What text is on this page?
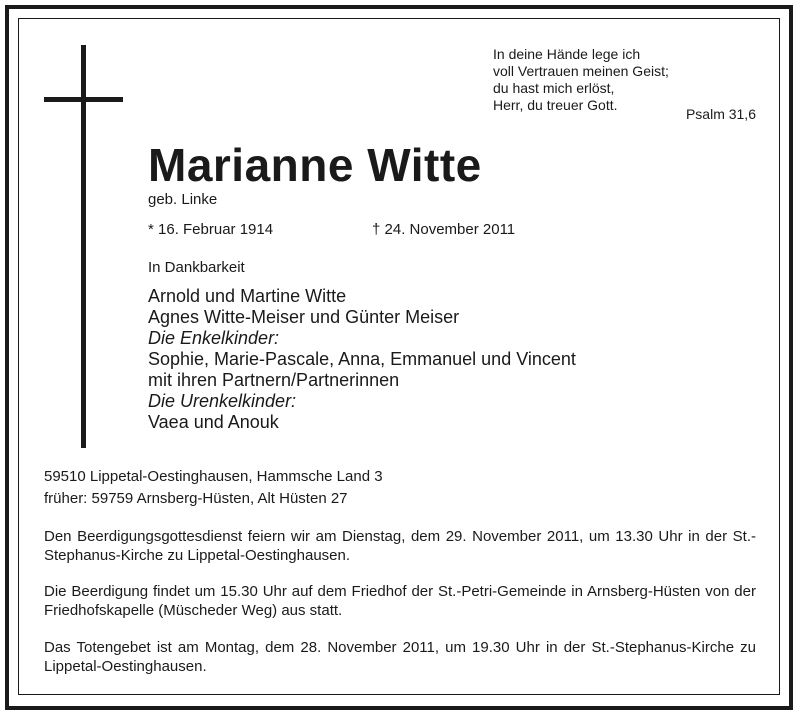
In deine Hände lege ich
voll Vertrauen meinen Geist;
du hast mich erlöst,
Herr, du treuer Gott.
Psalm 31,6
Marianne Witte
geb. Linke
* 16. Februar 1914	† 24. November 2011
In Dankbarkeit
Arnold und Martine Witte
Agnes Witte-Meiser und Günter Meiser
Die Enkelkinder:
Sophie, Marie-Pascale, Anna, Emmanuel und Vincent
mit ihren Partnern/Partnerinnen
Die Urenkelkinder:
Vaea und Anouk
59510 Lippetal-Oestinghausen, Hammsche Land 3
früher: 59759 Arnsberg-Hüsten, Alt Hüsten 27
Den Beerdigungsgottesdienst feiern wir am Dienstag, dem 29. November 2011, um 13.30 Uhr in der St.-Stephanus-Kirche zu Lippetal-Oestinghausen.
Die Beerdigung findet um 15.30 Uhr auf dem Friedhof der St.-Petri-Gemeinde in Arnsberg-Hüsten von der Friedhofskapelle (Müscheder Weg) aus statt.
Das Totengebet ist am Montag, dem 28. November 2011, um 19.30 Uhr in der St.-Stephanus-Kirche zu Lippetal-Oestinghausen.
